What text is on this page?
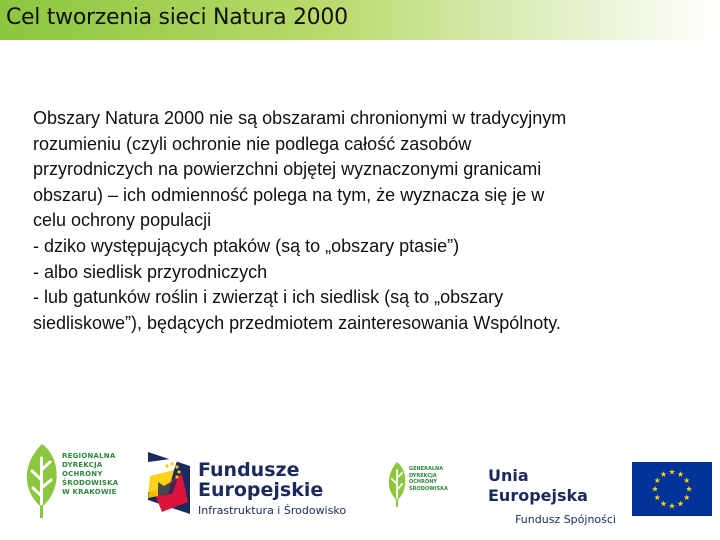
Cel tworzenia sieci Natura 2000

Obszary Natura 2000 nie są obszarami chronionymi w tradycyjnym
rozumieniu (czyli ochronie nie podlega całość zasobów
przyrodniczych na powierzchni objętej wyznaczonymi granicami
obszaru) – ich odmienność polega na tym, że wyznacza się je w
celu ochrony populacji
- dziko występujących ptaków (są to „obszary ptasie”)
- albo siedlisk przyrodniczych
- lub gatunków roślin i zwierząt i ich siedlisk (są to „obszary
siedliskowe”), będących przedmiotem zainteresowania Wspólnoty.

REGIONALNA
DYREKCJA
OCHRONY
ŚRODOWISKA
W KRAKOWIE
Fundusze
Europejskie
Infrastruktura i Środowisko
GENERALNA
DYREKCJA
OCHRONY
ŚRODOWISKA
Unia Europejska
Fundusz Spójności
